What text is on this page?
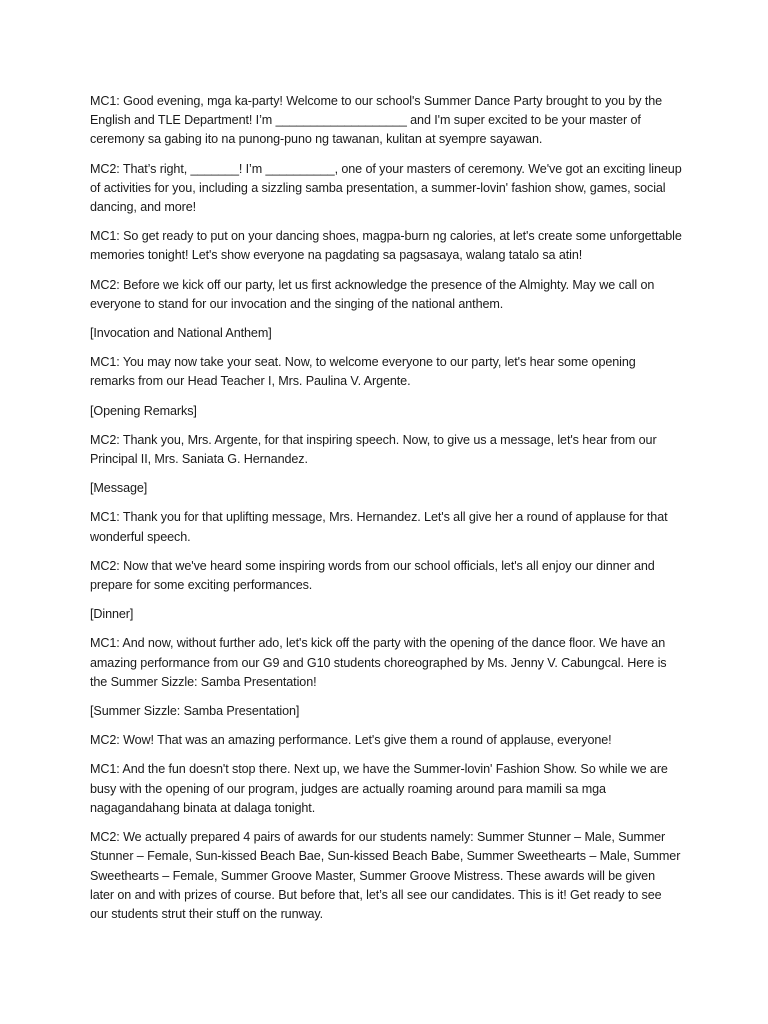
MC1: Good evening, mga ka-party! Welcome to our school's Summer Dance Party brought to you by the English and TLE Department! I’m ___________________ and I'm super excited to be your master of ceremony sa gabing ito na punong-puno ng tawanan, kulitan at syempre sayawan.

MC2: That’s right, _______! I’m __________, one of your masters of ceremony. We've got an exciting lineup of activities for you, including a sizzling samba presentation, a summer-lovin' fashion show, games, social dancing, and more!

MC1: So get ready to put on your dancing shoes, magpa-burn ng calories, at let's create some unforgettable memories tonight! Let's show everyone na pagdating sa pagsasaya, walang tatalo sa atin!

MC2: Before we kick off our party, let us first acknowledge the presence of the Almighty. May we call on everyone to stand for our invocation and the singing of the national anthem.

[Invocation and National Anthem]

MC1: You may now take your seat. Now, to welcome everyone to our party, let's hear some opening remarks from our Head Teacher I, Mrs. Paulina V. Argente.

[Opening Remarks]

MC2: Thank you, Mrs. Argente, for that inspiring speech. Now, to give us a message, let's hear from our Principal II, Mrs. Saniata G. Hernandez.

[Message]

MC1: Thank you for that uplifting message, Mrs. Hernandez. Let's all give her a round of applause for that wonderful speech.

MC2: Now that we've heard some inspiring words from our school officials, let's all enjoy our dinner and prepare for some exciting performances.

[Dinner]

MC1: And now, without further ado, let's kick off the party with the opening of the dance floor. We have an amazing performance from our G9 and G10 students choreographed by Ms. Jenny V. Cabungcal. Here is the Summer Sizzle: Samba Presentation!

[Summer Sizzle: Samba Presentation]

MC2: Wow! That was an amazing performance. Let's give them a round of applause, everyone!

MC1: And the fun doesn't stop there. Next up, we have the Summer-lovin' Fashion Show. So while we are busy with the opening of our program, judges are actually roaming around para mamili sa mga nagagandahang binata at dalaga tonight.

MC2: We actually prepared 4 pairs of awards for our students namely: Summer Stunner – Male, Summer Stunner – Female, Sun-kissed Beach Bae, Sun-kissed Beach Babe, Summer Sweethearts – Male, Summer Sweethearts – Female, Summer Groove Master, Summer Groove Mistress. These awards will be given later on and with prizes of course. But before that, let’s all see our candidates. This is it! Get ready to see our students strut their stuff on the runway.
